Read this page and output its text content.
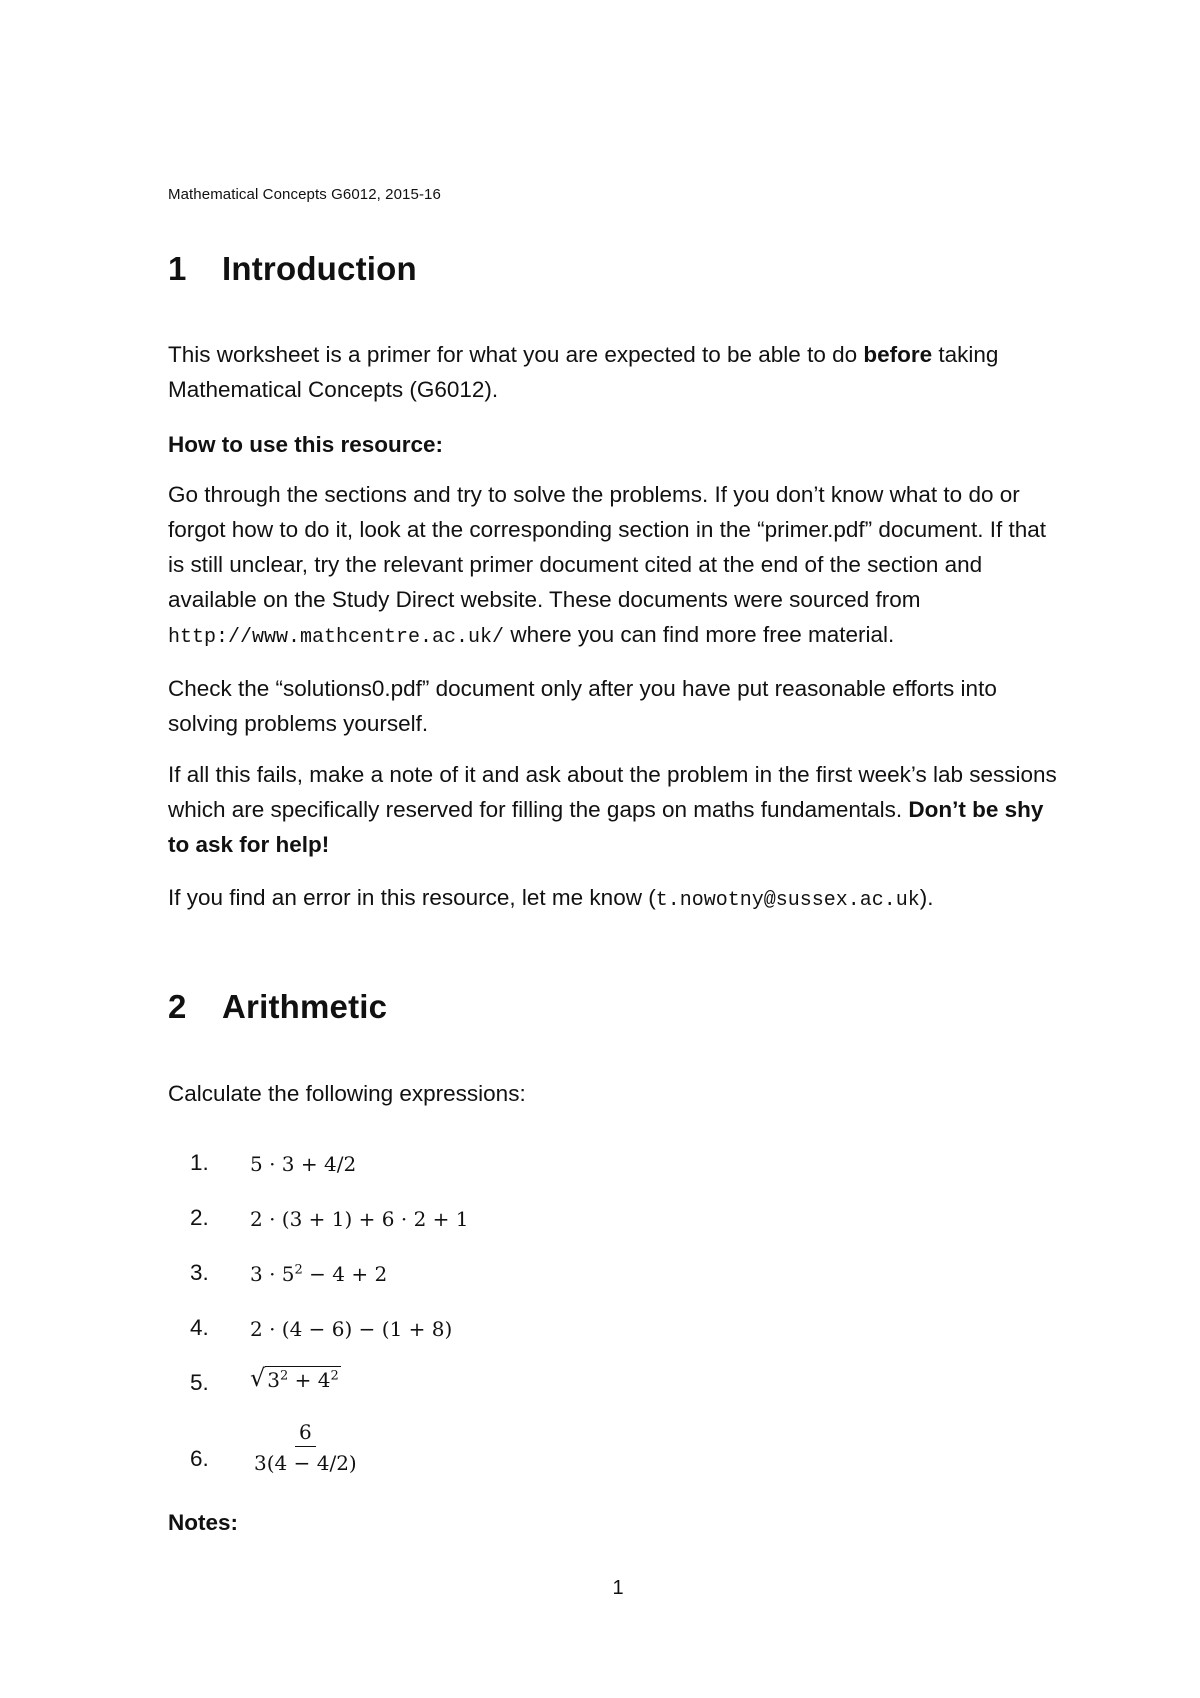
Mathematical Concepts G6012, 2015-16
1 Introduction

This worksheet is a primer for what you are expected to be able to do before taking Mathematical Concepts (G6012).

How to use this resource:

Go through the sections and try to solve the problems. If you don’t know what to do or forgot how to do it, look at the corresponding section in the “primer.pdf” document. If that is still unclear, try the relevant primer document cited at the end of the section and available on the Study Direct website. These documents were sourced from http://www.mathcentre.ac.uk/ where you can find more free material.

Check the “solutions0.pdf” document only after you have put reasonable efforts into solving problems yourself.

If all this fails, make a note of it and ask about the problem in the first week’s lab sessions which are specifically reserved for filling the gaps on maths fundamentals. Don’t be shy to ask for help!

If you find an error in this resource, let me know (t.nowotny@sussex.ac.uk).

2 Arithmetic
Calculate the following expressions:
1. 5 · 3 + 4/2
2. 2 · (3 + 1) + 6 · 2 + 1
3. $3 \cdot 5^2 - 4 + 2$
4. 2 · (4 − 6) − (1 + 8)
5. √ $3^2 + 4^2$
6. $\frac{6}{3(4 - 4/2)}$
Notes:
1
